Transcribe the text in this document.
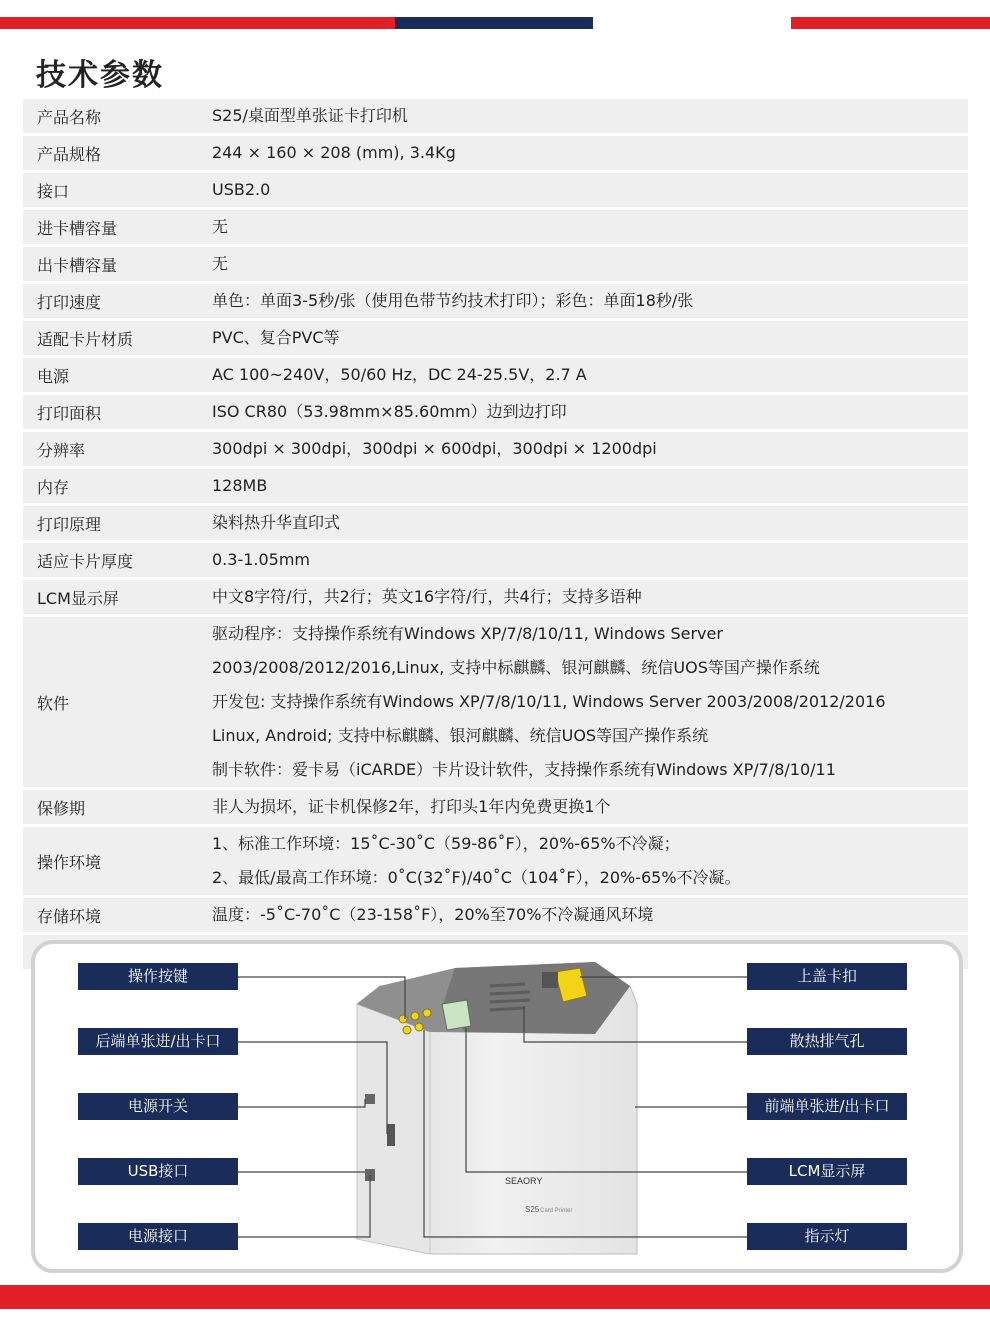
技术参数
产品名称	S25/桌面型单张证卡打印机

产品规格	244 × 160 × 208 (mm), 3.4Kg

接口	USB2.0

进卡槽容量	无

出卡槽容量	无

打印速度	单色：单面3-5秒/张（使用色带节约技术打印）；彩色：单面18秒/张

适配卡片材质	PVC、复合PVC等

电源	AC 100~240V，50/60 Hz，DC 24-25.5V，2.7 A

打印面积	ISO CR80（53.98mm×85.60mm）边到边打印

分辨率	300dpi × 300dpi，300dpi × 600dpi，300dpi × 1200dpi

内存	128MB

打印原理	染料热升华直印式

适应卡片厚度	0.3-1.05mm

LCM显示屏	中文8字符/行，共2行；英文16字符/行，共4行；支持多语种

软件	驱动程序：支持操作系统有Windows XP/7/8/10/11, Windows Server
2003/2008/2012/2016,Linux, 支持中标麒麟、银河麒麟、统信UOS等国产操作系统
开发包: 支持操作系统有Windows XP/7/8/10/11, Windows Server 2003/2008/2012/2016
Linux, Android; 支持中标麒麟、银河麒麟、统信UOS等国产操作系统
制卡软件：爱卡易（iCARDE）卡片设计软件，支持操作系统有Windows XP/7/8/10/11

保修期	非人为损坏，证卡机保修2年，打印头1年内免费更换1个

操作环境	1、标准工作环境：15˚C-30˚C（59-86˚F），20%-65%不冷凝；
2、最低/最高工作环境：0˚C(32˚F)/40˚C（104˚F），20%-65%不冷凝。

存储环境	温度：-5˚C-70˚C（23-158˚F），20%至70%不冷凝通风环境

SEAORY
S25 Card Printer
操作按键
后端单张进/出卡口
电源开关
USB接口
电源接口
上盖卡扣
散热排气孔
前端单张进/出卡口
LCM显示屏
指示灯
